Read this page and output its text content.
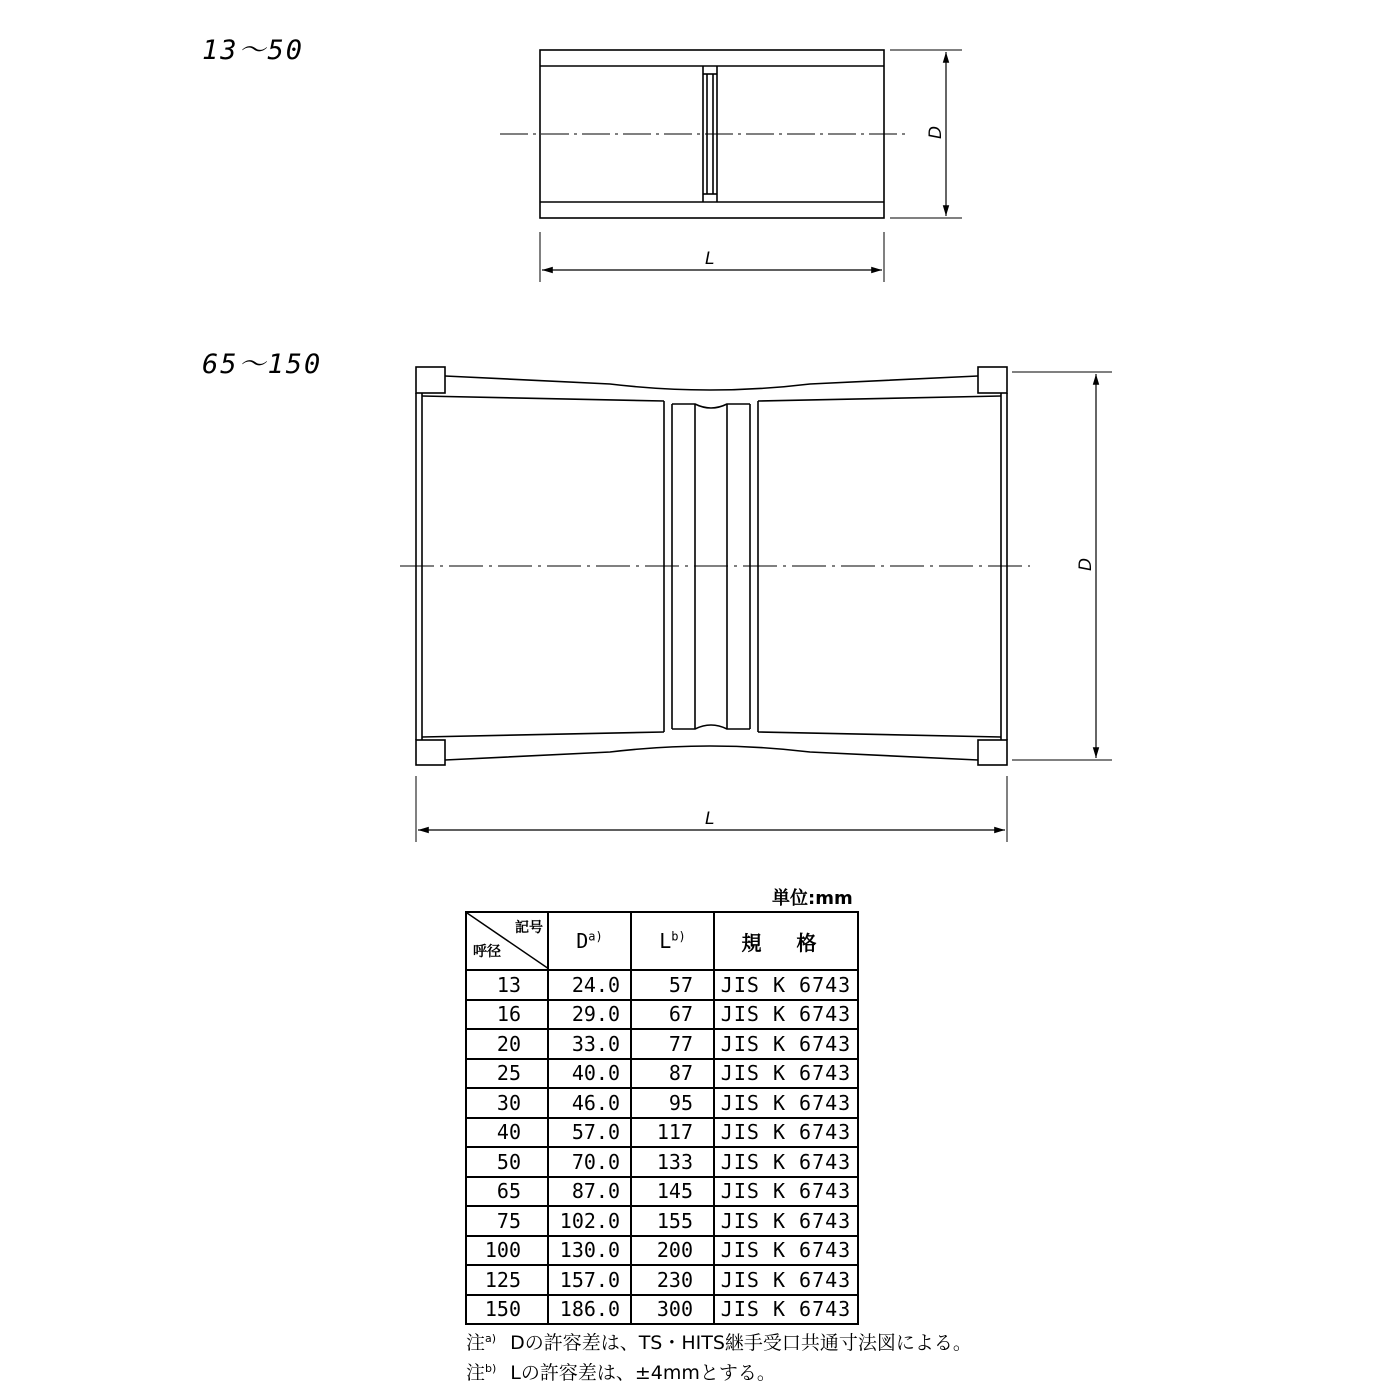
D
L
D
L
13～50
65～150
単位:mm
記号
呼径	$D^{a)}$	$L^{b)}$	規 格
13	24.0	57	JIS K 6743
16	29.0	67	JIS K 6743
20	33.0	77	JIS K 6743
25	40.0	87	JIS K 6743
30	46.0	95	JIS K 6743
40	57.0	117	JIS K 6743
50	70.0	133	JIS K 6743
65	87.0	145	JIS K 6743
75	102.0	155	JIS K 6743
100	130.0	200	JIS K 6743
125	157.0	230	JIS K 6743
150	186.0	300	JIS K 6743
注$^{a)}$ Dの許容差は、TS・HITS継手受口共通寸法図による。
注$^{b)}$ Lの許容差は、±4mmとする。
